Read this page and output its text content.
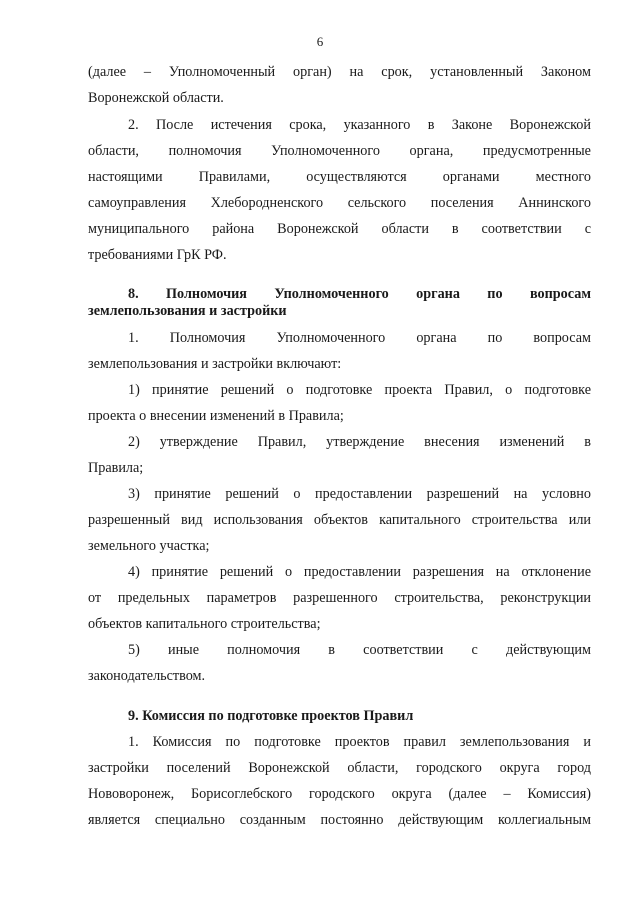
6
(далее – Уполномоченный орган) на срок, установленный Законом
Воронежской области.
2. После истечения срока, указанного в Законе Воронежской
области, полномочия Уполномоченного органа, предусмотренные
настоящими Правилами, осуществляются органами местного
самоуправления Хлебородненского сельского поселения Аннинского
муниципального района Воронежской области в соответствии с
требованиями ГрК РФ.
8. Полномочия Уполномоченного органа по вопросам
землепользования и застройки
1. Полномочия Уполномоченного органа по вопросам
землепользования и застройки включают:
1) принятие решений о подготовке проекта Правил, о подготовке
проекта о внесении изменений в Правила;
2) утверждение Правил, утверждение внесения изменений в
Правила;
3) принятие решений о предоставлении разрешений на условно
разрешенный вид использования объектов капитального строительства или
земельного участка;
4) принятие решений о предоставлении разрешения на отклонение
от предельных параметров разрешенного строительства, реконструкции
объектов капитального строительства;
5) иные полномочия в соответствии с действующим
законодательством.
9. Комиссия по подготовке проектов Правил
1. Комиссия по подготовке проектов правил землепользования и
застройки поселений Воронежской области, городского округа город
Нововоронеж, Борисоглебского городского округа (далее – Комиссия)
является специально созданным постоянно действующим коллегиальным
